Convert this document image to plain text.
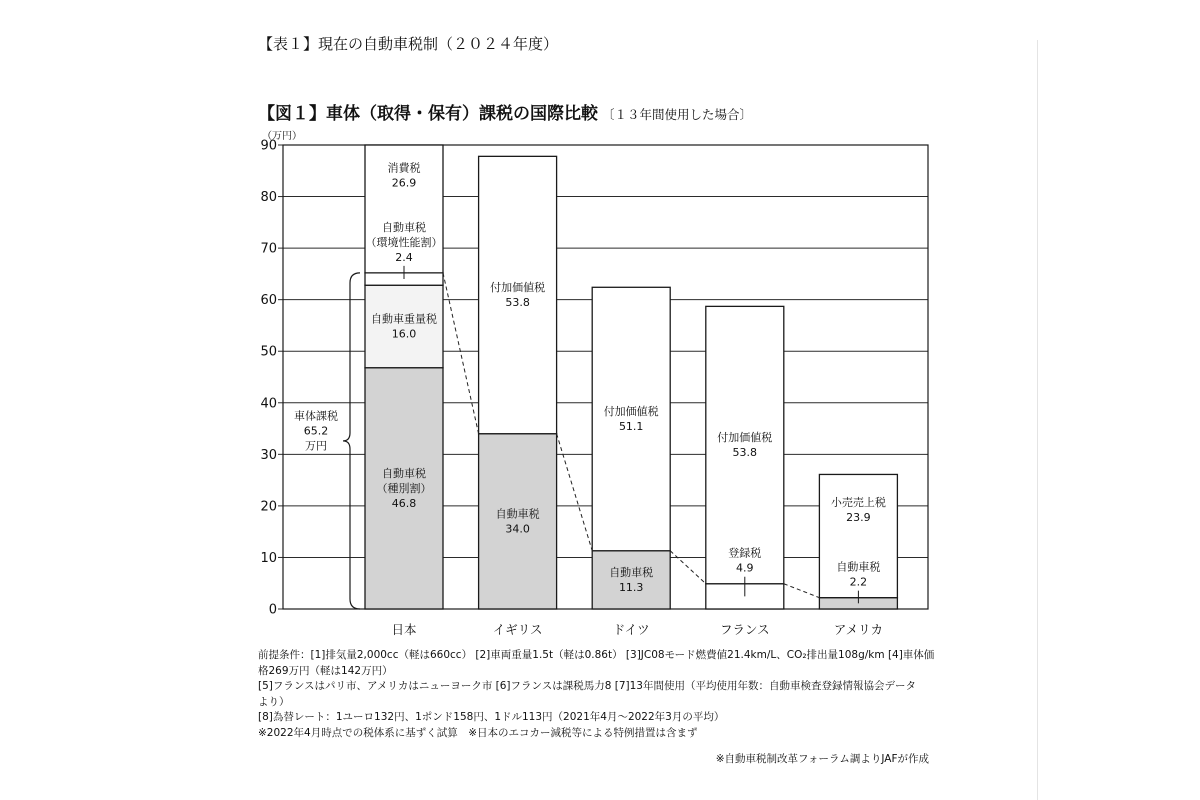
【表１】現在の自動車税制（２０２４年度）
【図１】車体（取得・保有）課税の国際比較 〔１３年間使用した場合〕
（万円）
0
10
20
30
40
50
60
70
80
90
自動車税
（種別割）
46.8
自動車重量税
16.0
自動車税
（環境性能割）
2.4
消費税
26.9
自動車税
34.0
付加価値税
53.8
自動車税
11.3
付加価値税
51.1
登録税
4.9
付加価値税
53.8
自動車税
2.2
小売売上税
23.9
車体課税
65.2
万円
日本	イギリス	ドイツ	フランス	アメリカ
前提条件：[1]排気量2,000cc（軽は660cc） [2]車両重量1.5t（軽は0.86t） [3]JC08モード燃費値21.4km/L、CO₂排出量108g/km [4]車体価
格269万円（軽は142万円）
[5]フランスはパリ市、アメリカはニューヨーク市 [6]フランスは課税馬力8 [7]13年間使用（平均使用年数：自動車検査登録情報協会データ
より）
[8]為替レート：1ユーロ132円、1ポンド158円、1ドル113円（2021年4月〜2022年3月の平均）
※2022年4月時点での税体系に基ずく試算　※日本のエコカー減税等による特例措置は含まず
※自動車税制改革フォーラム調よりJAFが作成
